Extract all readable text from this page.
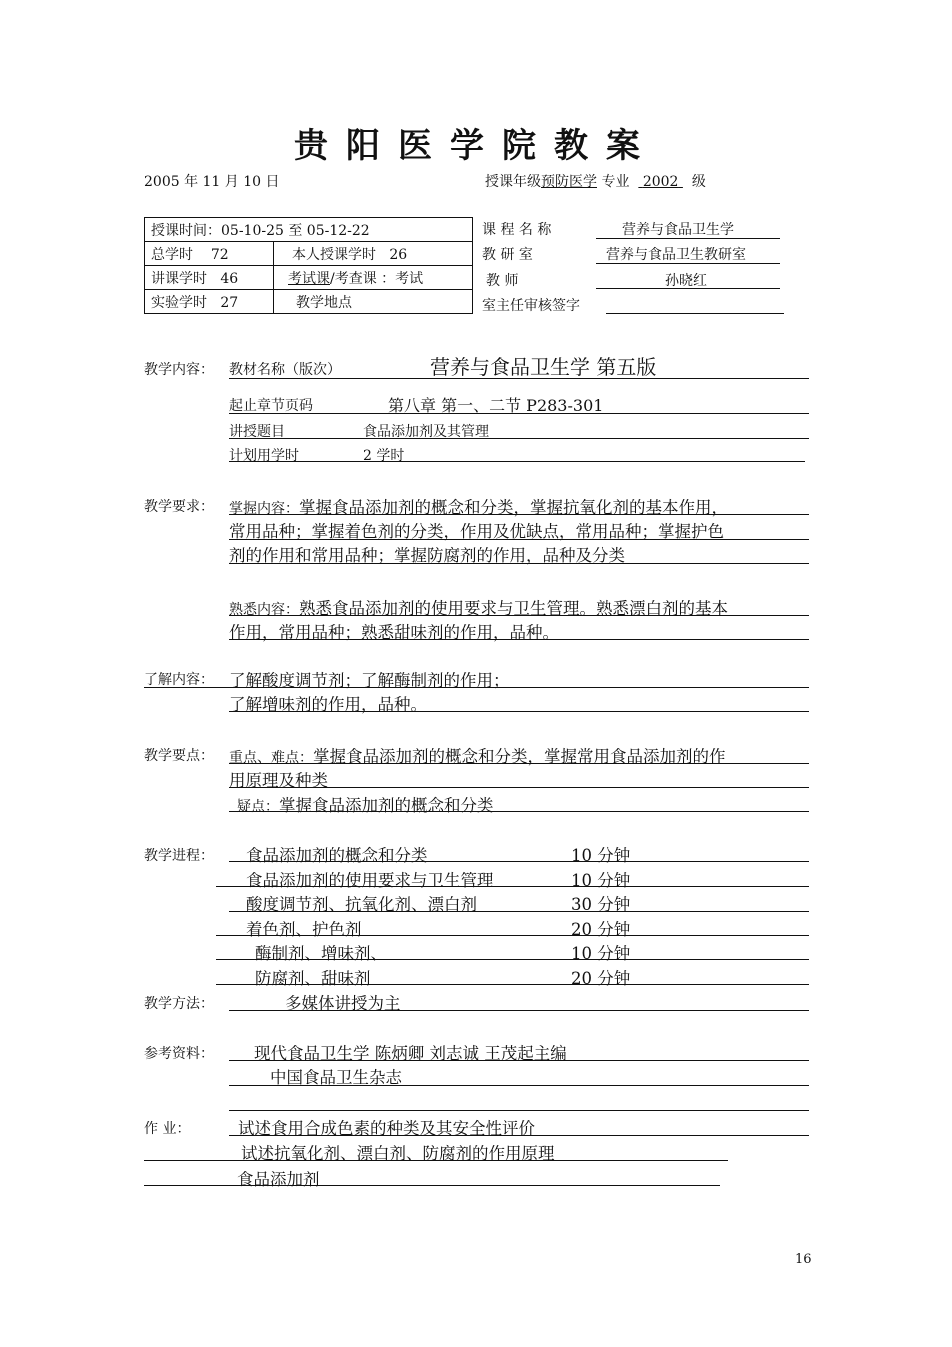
贵阳医学院教案
2005 年 11 月 10 日	授课年级预防医学 专业 2002 级
授课时间：05-10-25 至 05-12-22	
总学时 72	本人授课学时 26
讲课学时 46	考试课/考查课 ：考试
实验学时 27	教学地点
课 程 名 称	营养与食品卫生学
教 研 室	营养与食品卫生教研室
教 师	孙晓红
室主任审核签字
教学内容： 教材名称（版次）	营养与食品卫生学 第五版
起止章节页码	第八章 第一、二节 P283-301
讲授题目	食品添加剂及其管理
计划用学时	2 学时
教学要求： 掌握内容：掌握食品添加剂的概念和分类，掌握抗氧化剂的基本作用，
常用品种；掌握着色剂的分类，作用及优缺点，常用品种；掌握护色
剂的作用和常用品种；掌握防腐剂的作用，品种及分类
熟悉内容：熟悉食品添加剂的使用要求与卫生管理。熟悉漂白剂的基本
作用，常用品种；熟悉甜味剂的作用，品种。
了解内容： 了解酸度调节剂；了解酶制剂的作用；
了解增味剂的作用，品种。
教学要点： 重点、难点：掌握食品添加剂的概念和分类，掌握常用食品添加剂的作
用原理及种类
疑点：掌握食品添加剂的概念和分类
教学进程： 食品添加剂的概念和分类	10 分钟
食品添加剂的使用要求与卫生管理	10 分钟
酸度调节剂、抗氧化剂、漂白剂	30 分钟
着色剂、护色剂	20 分钟
酶制剂、增味剂、	10 分钟
防腐剂、甜味剂	20 分钟
教学方法：	多媒体讲授为主
参考资料： 现代食品卫生学 陈炳卿 刘志诚 王茂起主编
中国食品卫生杂志
作 业：	试述食用合成色素的种类及其安全性评价
试述抗氧化剂、漂白剂、防腐剂的作用原理
食品添加剂
16
